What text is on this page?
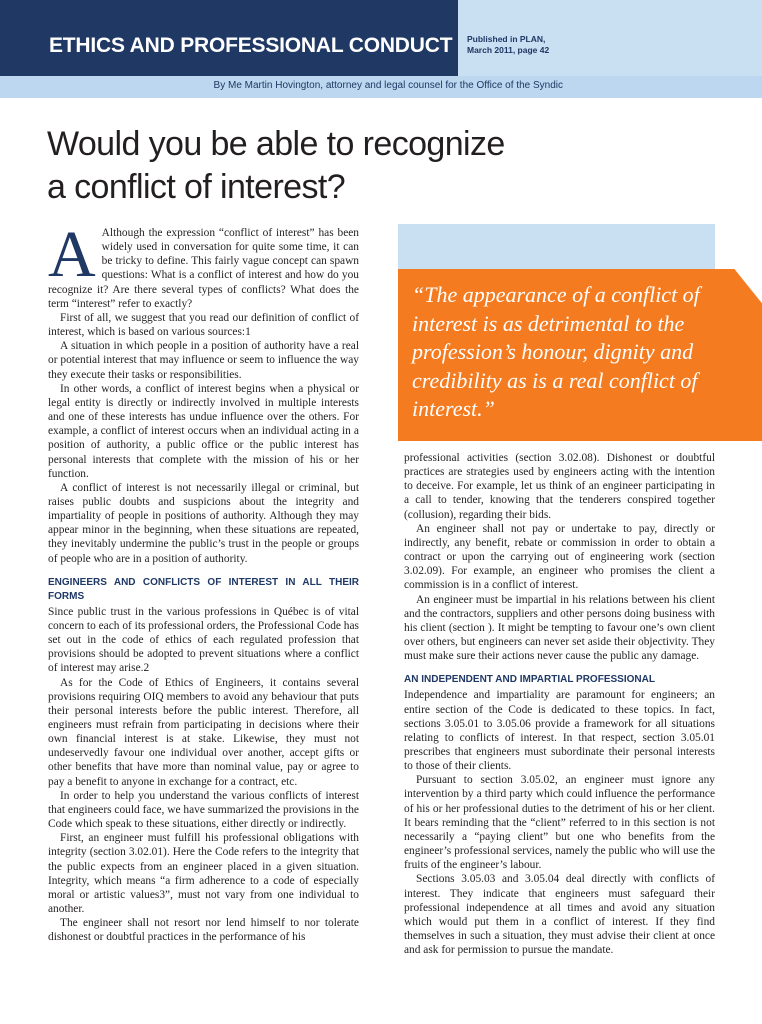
ETHICS AND PROFESSIONAL CONDUCT Published in PLAN,
March 2011, page 42
By Me Martin Hovington, attorney and legal counsel for the Office of the Syndic
Would you be able to recognize
a conflict of interest?
A Although the expression “conflict of interest” has been widely used in conversation for quite some time, it can be tricky to define. This fairly vague concept can spawn questions: What is a conflict of interest and how do you recognize it? Are there several types of conflicts? What does the term “interest” refer to exactly?

First of all, we suggest that you read our definition of conflict of interest, which is based on various sources:1

A situation in which people in a position of authority have a real or potential interest that may influence or seem to influence the way they execute their tasks or responsibilities.

In other words, a conflict of interest begins when a physical or legal entity is directly or indirectly involved in multiple interests and one of these interests has undue influence over the others. For example, a conflict of interest occurs when an individual acting in a position of authority, a public office or the public interest has personal interests that complete with the mission of his or her function.

A conflict of interest is not necessarily illegal or criminal, but raises public doubts and suspicions about the integrity and impartiality of people in positions of authority. Although they may appear minor in the beginning, when these situations are repeated, they inevitably undermine the public’s trust in the people or groups of people who are in a position of authority.

ENGINEERS AND CONFLICTS OF INTEREST IN ALL THEIR FORMS

Since public trust in the various professions in Québec is of vital concern to each of its professional orders, the Professional Code has set out in the code of ethics of each regulated profession that provisions should be adopted to prevent situations where a conflict of interest may arise.2

As for the Code of Ethics of Engineers, it contains several provisions requiring OIQ members to avoid any behaviour that puts their personal interests before the public interest. Therefore, all engineers must refrain from participating in decisions where their own financial interest is at stake. Likewise, they must not undeservedly favour one individual over another, accept gifts or other benefits that have more than nominal value, pay or agree to pay a benefit to anyone in exchange for a contract, etc.

In order to help you understand the various conflicts of interest that engineers could face, we have summarized the provisions in the Code which speak to these situations, either directly or indirectly.

First, an engineer must fulfill his professional obligations with integrity (section 3.02.01). Here the Code refers to the integrity that the public expects from an engineer placed in a given situation. Integrity, which means “a firm adherence to a code of especially moral or artistic values3”, must not vary from one individual to another.

The engineer shall not resort nor lend himself to nor tolerate dishonest or doubtful practices in the performance of his

“The appearance of a conflict of interest is as detrimental to the profession’s honour, dignity and credibility as is a real conflict of interest.”

professional activities (section 3.02.08). Dishonest or doubtful practices are strategies used by engineers acting with the intention to deceive. For example, let us think of an engineer participating in a call to tender, knowing that the tenderers conspired together (collusion), regarding their bids.

An engineer shall not pay or undertake to pay, directly or indirectly, any benefit, rebate or commission in order to obtain a contract or upon the carrying out of engineering work (section 3.02.09). For example, an engineer who promises the client a commission is in a conflict of interest.

An engineer must be impartial in his relations between his client and the contractors, suppliers and other persons doing business with his client (section ). It might be tempting to favour one’s own client over others, but engineers can never set aside their objectivity. They must make sure their actions never cause the public any damage.

AN INDEPENDENT AND IMPARTIAL PROFESSIONAL

Independence and impartiality are paramount for engineers; an entire section of the Code is dedicated to these topics. In fact, sections 3.05.01 to 3.05.06 provide a framework for all situations relating to conflicts of interest. In that respect, section 3.05.01 prescribes that engineers must subordinate their personal interests to those of their clients.

Pursuant to section 3.05.02, an engineer must ignore any intervention by a third party which could influence the performance of his or her professional duties to the detriment of his or her client. It bears reminding that the “client” referred to in this section is not necessarily a “paying client” but one who benefits from the engineer’s professional services, namely the public who will use the fruits of the engineer’s labour.

Sections 3.05.03 and 3.05.04 deal directly with conflicts of interest. They indicate that engineers must safeguard their professional independence at all times and avoid any situation which would put them in a conflict of interest. If they find themselves in such a situation, they must advise their client at once and ask for permission to pursue the mandate.
